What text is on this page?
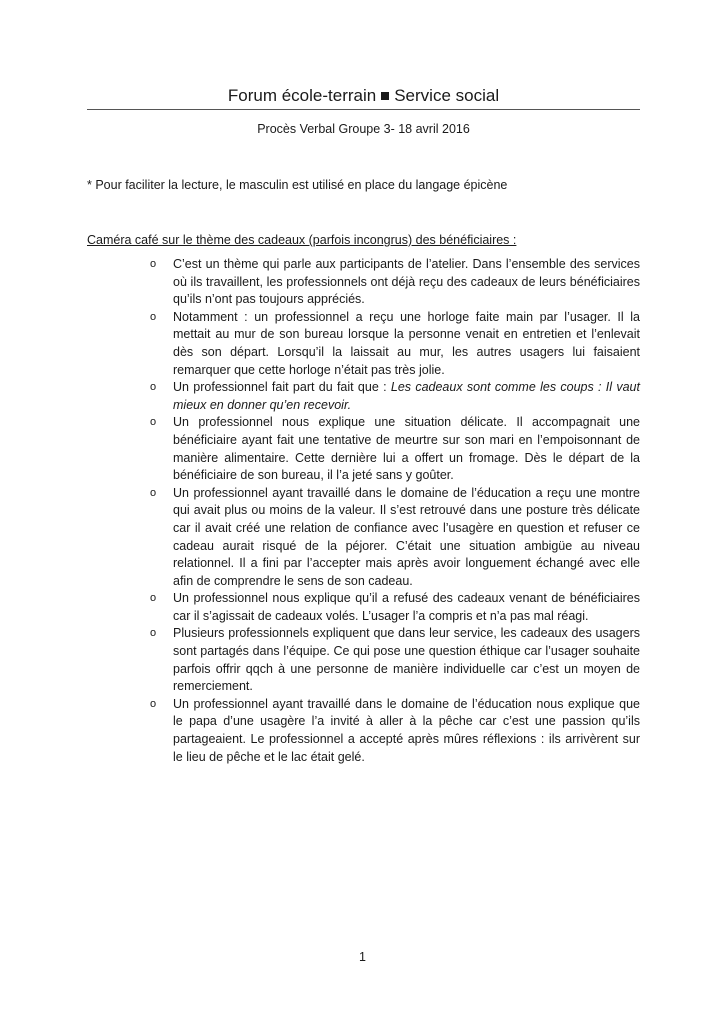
Forum école-terrain Service social
Procès Verbal Groupe 3- 18 avril 2016
* Pour faciliter la lecture, le masculin est utilisé en place du langage épicène
Caméra café sur le thème des cadeaux (parfois incongrus) des bénéficiaires :
o C’est un thème qui parle aux participants de l’atelier. Dans l’ensemble des services où ils travaillent, les professionnels ont déjà reçu des cadeaux de leurs bénéficiaires qu’ils n’ont pas toujours appréciés.
o Notamment : un professionnel a reçu une horloge faite main par l’usager. Il la mettait au mur de son bureau lorsque la personne venait en entretien et l’enlevait dès son départ. Lorsqu’il la laissait au mur, les autres usagers lui faisaient remarquer que cette horloge n’était pas très jolie.
o Un professionnel fait part du fait que : Les cadeaux sont comme les coups : Il vaut mieux en donner qu’en recevoir.
o Un professionnel nous explique une situation délicate. Il accompagnait une bénéficiaire ayant fait une tentative de meurtre sur son mari en l’empoisonnant de manière alimentaire. Cette dernière lui a offert un fromage. Dès le départ de la bénéficiaire de son bureau, il l’a jeté sans y goûter.
o Un professionnel ayant travaillé dans le domaine de l’éducation a reçu une montre qui avait plus ou moins de la valeur. Il s’est retrouvé dans une posture très délicate car il avait créé une relation de confiance avec l’usagère en question et refuser ce cadeau aurait risqué de la péjorer. C’était une situation ambigüe au niveau relationnel. Il a fini par l’accepter mais après avoir longuement échangé avec elle afin de comprendre le sens de son cadeau.
o Un professionnel nous explique qu’il a refusé des cadeaux venant de bénéficiaires car il s’agissait de cadeaux volés. L’usager l’a compris et n’a pas mal réagi.
o Plusieurs professionnels expliquent que dans leur service, les cadeaux des usagers sont partagés dans l’équipe. Ce qui pose une question éthique car l’usager souhaite parfois offrir qqch à une personne de manière individuelle car c’est un moyen de remerciement.
o Un professionnel ayant travaillé dans le domaine de l’éducation nous explique que le papa d’une usagère l’a invité à aller à la pêche car c’est une passion qu’ils partageaient. Le professionnel a accepté après mûres réflexions : ils arrivèrent sur le lieu de pêche et le lac était gelé.
1
